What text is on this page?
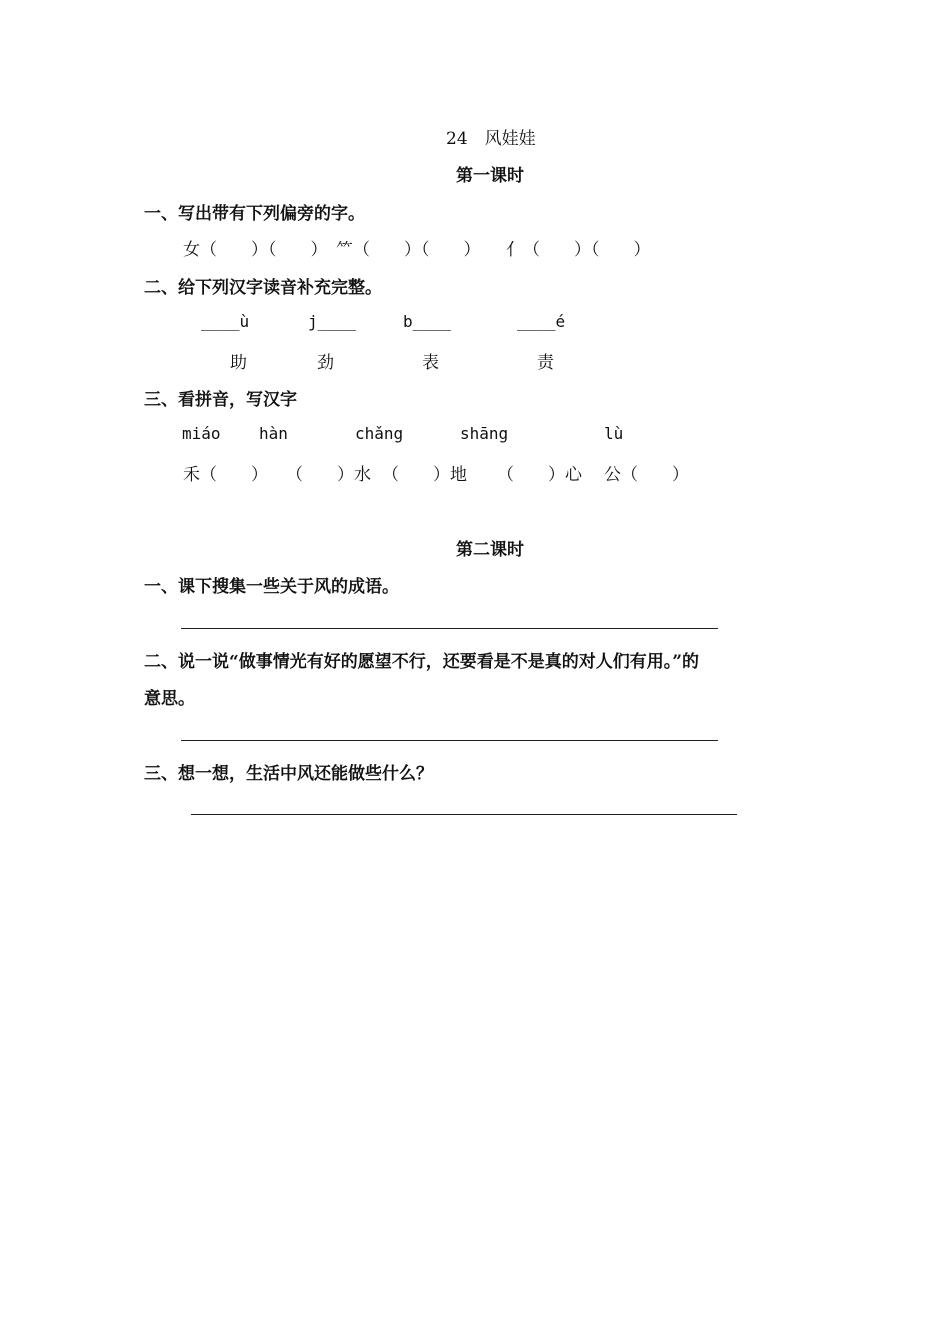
24　风娃娃
第一课时
一、写出带有下列偏旁的字。
女（　　）（　　）　⺮（　　）（　　）　　亻（　　）（　　）
二、给下列汉字读音补充完整。
____ù	j____	b____	____é
助	劲	表	责
三、看拼音，写汉字
miáo hàn	chǎng	shāng	lù
禾（　　） （　　）水 （　　）地 （　　）心 公（　　）
第二课时
一、课下搜集一些关于风的成语。
二、说一说“做事情光有好的愿望不行，还要看是不是真的对人们有用。”的
意思。
三、想一想，生活中风还能做些什么？
